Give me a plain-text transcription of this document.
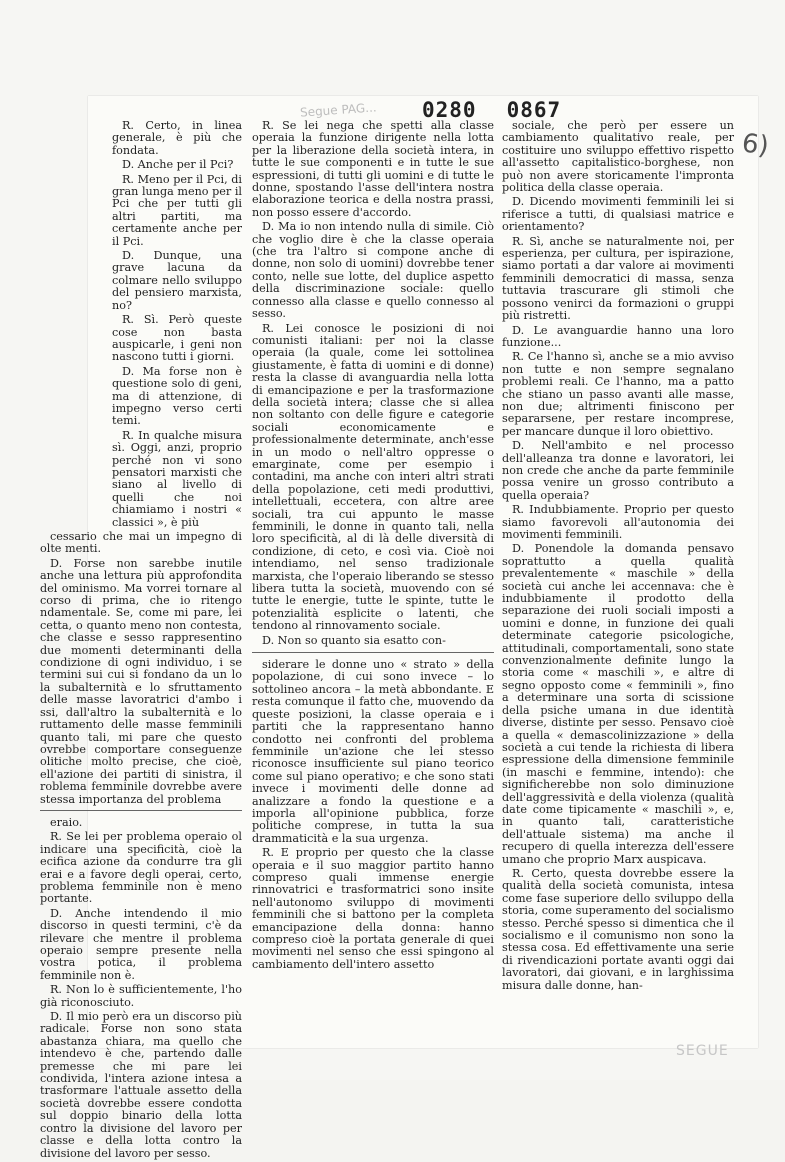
Segue PAG... 0280 0867
6)

R. Certo, in linea generale, è più che fondata.

D. Anche per il Pci?

R. Meno per il Pci, di gran lunga meno per il Pci che per tutti gli altri partiti, ma certamente anche per il Pci.

D. Dunque, una grave lacuna da colmare nello sviluppo del pensiero marxista, no?

R. Sì. Però queste cose non basta auspicarle, i geni non nascono tutti i giorni.

D. Ma forse non è questione solo di geni, ma di attenzione, di impegno verso certi temi.

R. In qualche misura sì. Oggi, anzi, proprio perché non vi sono pensatori marxisti che siano al livello di quelli che noi chiamiamo i nostri « classici », è più

cessario che mai un impegno di olte menti.

D. Forse non sarebbe inutile anche una lettura più approfondita del ominismo. Ma vorrei tornare al corso di prima, che io ritengo ndamentale. Se, come mi pare, lei cetta, o quanto meno non contesta, che classe e sesso rappresentino due momenti determinanti della condizione di ogni individuo, i se termini sui cui si fondano da un lo la subalternità e lo sfruttamento delle masse lavoratrici d'ambo i ssi, dall'altro la subalternità e lo ruttamento delle masse femminili quanto tali, mi pare che questo ovrebbe comportare conseguenze olitiche molto precise, che cioè, ell'azione dei partiti di sinistra, il roblema femminile dovrebbe avere stessa importanza del problema

eraio.

R. Se lei per problema operaio ol indicare una specificità, cioè la ecifica azione da condurre tra gli erai e a favore degli operai, certo, problema femminile non è meno portante.

D. Anche intendendo il mio discorso in questi termini, c'è da rilevare che mentre il problema operaio sempre presente nella vostra potica, il problema femminile non è.

R. Non lo è sufficientemente, l'ho già riconosciuto.

D. Il mio però era un discorso più radicale. Forse non sono stata abastanza chiara, ma quello che intendevo è che, partendo dalle premesse che mi pare lei condivida, l'intera azione intesa a trasformare l'attuale assetto della società dovrebbe essere condotta sul doppio binario della lotta contro la divisione del lavoro per classe e della lotta contro la divisione del lavoro per sesso.

R. Se lei nega che spetti alla classe operaia la funzione dirigente nella lotta per la liberazione della società intera, in tutte le sue componenti e in tutte le sue espressioni, di tutti gli uomini e di tutte le donne, spostando l'asse dell'intera nostra elaborazione teorica e della nostra prassi, non posso essere d'accordo.

D. Ma io non intendo nulla di simile. Ciò che voglio dire è che la classe operaia (che tra l'altro si compone anche di donne, non solo di uomini) dovrebbe tener conto, nelle sue lotte, del duplice aspetto della discriminazione sociale: quello connesso alla classe e quello connesso al sesso.

R. Lei conosce le posizioni di noi comunisti italiani: per noi la classe operaia (la quale, come lei sottolinea giustamente, è fatta di uomini e di donne) resta la classe di avanguardia nella lotta di emancipazione e per la trasformazione della società intera; classe che si allea non soltanto con delle figure e categorie sociali economicamente e professionalmente determinate, anch'esse in un modo o nell'altro oppresse o emarginate, come per esempio i contadini, ma anche con interi altri strati della popolazione, ceti medi produttivi, intellettuali, eccetera, con altre aree sociali, tra cui appunto le masse femminili, le donne in quanto tali, nella loro specificità, al di là delle diversità di condizione, di ceto, e così via. Cioè noi intendiamo, nel senso tradizionale marxista, che l'operaio liberando se stesso libera tutta la società, muovendo con sé tutte le energie, tutte le spinte, tutte le potenzialità esplicite o latenti, che tendono al rinnovamento sociale.

D. Non so quanto sia esatto con-

siderare le donne uno « strato » della popolazione, di cui sono invece – lo sottolineo ancora – la metà abbondante. E resta comunque il fatto che, muovendo da queste posizioni, la classe operaia e i partiti che la rappresentano hanno condotto nei confronti del problema femminile un'azione che lei stesso riconosce insufficiente sul piano teorico come sul piano operativo; e che sono stati invece i movimenti delle donne ad analizzare a fondo la questione e a imporla all'opinione pubblica, forze politiche comprese, in tutta la sua drammaticità e la sua urgenza.

R. E proprio per questo che la classe operaia e il suo maggior partito hanno compreso quali immense energie rinnovatrici e trasformatrici sono insite nell'autonomo sviluppo di movimenti femminili che si battono per la completa emancipazione della donna: hanno compreso cioè la portata generale di quei movimenti nel senso che essi spingono al cambiamento dell'intero assetto

sociale, che però per essere un cambiamento qualitativo reale, per costituire uno sviluppo effettivo rispetto all'assetto capitalistico-borghese, non può non avere storicamente l'impronta politica della classe operaia.

D. Dicendo movimenti femminili lei si riferisce a tutti, di qualsiasi matrice e orientamento?

R. Sì, anche se naturalmente noi, per esperienza, per cultura, per ispirazione, siamo portati a dar valore ai movimenti femminili democratici di massa, senza tuttavia trascurare gli stimoli che possono venirci da formazioni o gruppi più ristretti.

D. Le avanguardie hanno una loro funzione...

R. Ce l'hanno sì, anche se a mio avviso non tutte e non sempre segnalano problemi reali. Ce l'hanno, ma a patto che stiano un passo avanti alle masse, non due; altrimenti finiscono per separarsene, per restare incomprese, per mancare dunque il loro obiettivo.

D. Nell'ambito e nel processo dell'alleanza tra donne e lavoratori, lei non crede che anche da parte femminile possa venire un grosso contributo a quella operaia?

R. Indubbiamente. Proprio per questo siamo favorevoli all'autonomia dei movimenti femminili.

D. Ponendole la domanda pensavo soprattutto a quella qualità prevalentemente « maschile » della società cui anche lei accennava: che è indubbiamente il prodotto della separazione dei ruoli sociali imposti a uomini e donne, in funzione dei quali determinate categorie psicologiche, attitudinali, comportamentali, sono state convenzionalmente definite lungo la storia come « maschili », e altre di segno opposto come « femminili », fino a determinare una sorta di scissione della psiche umana in due identità diverse, distinte per sesso. Pensavo cioè a quella « demascolinizzazione » della società a cui tende la richiesta di libera espressione della dimensione femminile (in maschi e femmine, intendo): che significherebbe non solo diminuzione dell'aggressività e della violenza (qualità date come tipicamente « maschili », e, in quanto tali, caratteristiche dell'attuale sistema) ma anche il recupero di quella interezza dell'essere umano che proprio Marx auspicava.

R. Certo, questa dovrebbe essere la qualità della società comunista, intesa come fase superiore dello sviluppo della storia, come superamento del socialismo stesso. Perché spesso si dimentica che il socialismo e il comunismo non sono la stessa cosa. Ed effettivamente una serie di rivendicazioni portate avanti oggi dai lavoratori, dai giovani, e in larghissima misura dalle donne, han-

SEGUE
